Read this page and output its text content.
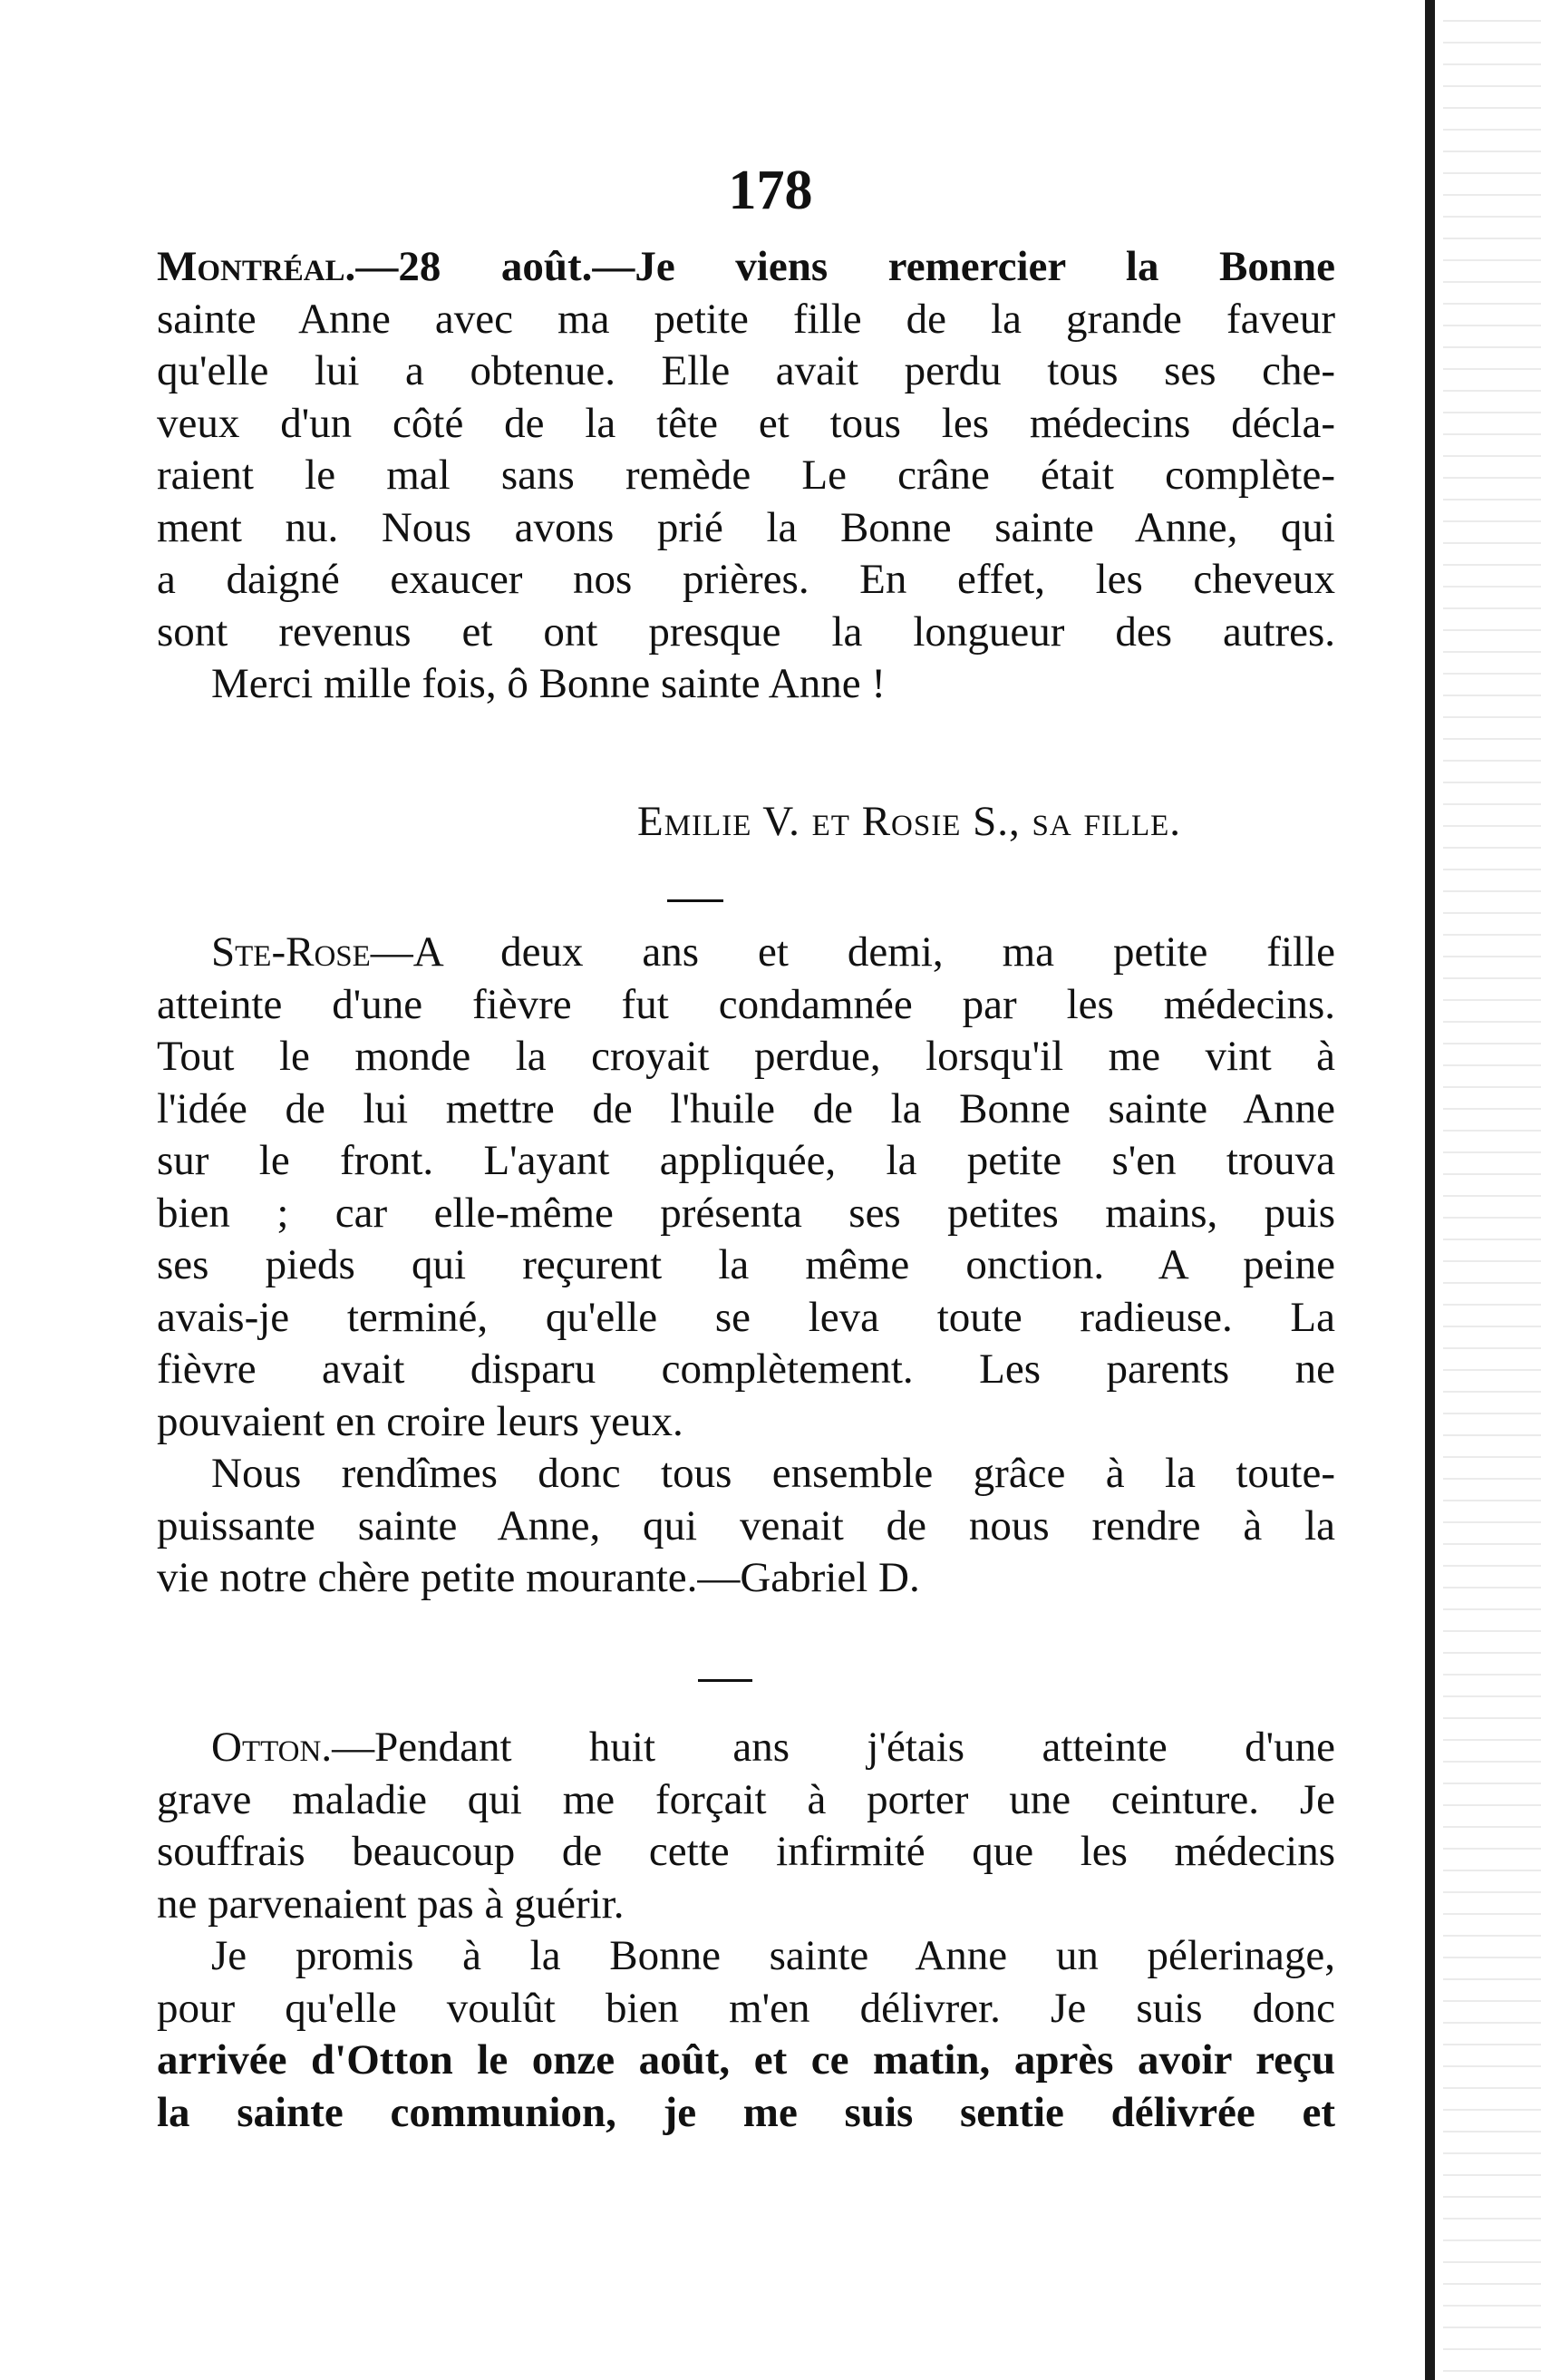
178

Montréal.—28 août.—Je viens remercier la Bonne

sainte Anne avec ma petite fille de la grande faveur

qu'elle lui a obtenue. Elle avait perdu tous ses che-

veux d'un côté de la tête et tous les médecins décla-

raient le mal sans remède Le crâne était complète-

ment nu. Nous avons prié la Bonne sainte Anne, qui

a daigné exaucer nos prières. En effet, les cheveux

sont revenus et ont presque la longueur des autres.

Merci mille fois, ô Bonne sainte Anne !

Emilie V. et Rosie S., sa fille.

Ste-Rose—A deux ans et demi, ma petite fille

atteinte d'une fièvre fut condamnée par les médecins.

Tout le monde la croyait perdue, lorsqu'il me vint à

l'idée de lui mettre de l'huile de la Bonne sainte Anne

sur le front. L'ayant appliquée, la petite s'en trouva

bien ; car elle-même présenta ses petites mains, puis

ses pieds qui reçurent la même onction. A peine

avais-je terminé, qu'elle se leva toute radieuse. La

fièvre avait disparu complètement. Les parents ne

pouvaient en croire leurs yeux.

Nous rendîmes donc tous ensemble grâce à la toute-

puissante sainte Anne, qui venait de nous rendre à la

vie notre chère petite mourante.—Gabriel D.

Otton.—Pendant huit ans j'étais atteinte d'une

grave maladie qui me forçait à porter une ceinture. Je

souffrais beaucoup de cette infirmité que les médecins

ne parvenaient pas à guérir.

Je promis à la Bonne sainte Anne un pélerinage,

pour qu'elle voulût bien m'en délivrer. Je suis donc

arrivée d'Otton le onze août, et ce matin, après avoir reçu

la sainte communion, je me suis sentie délivrée et
